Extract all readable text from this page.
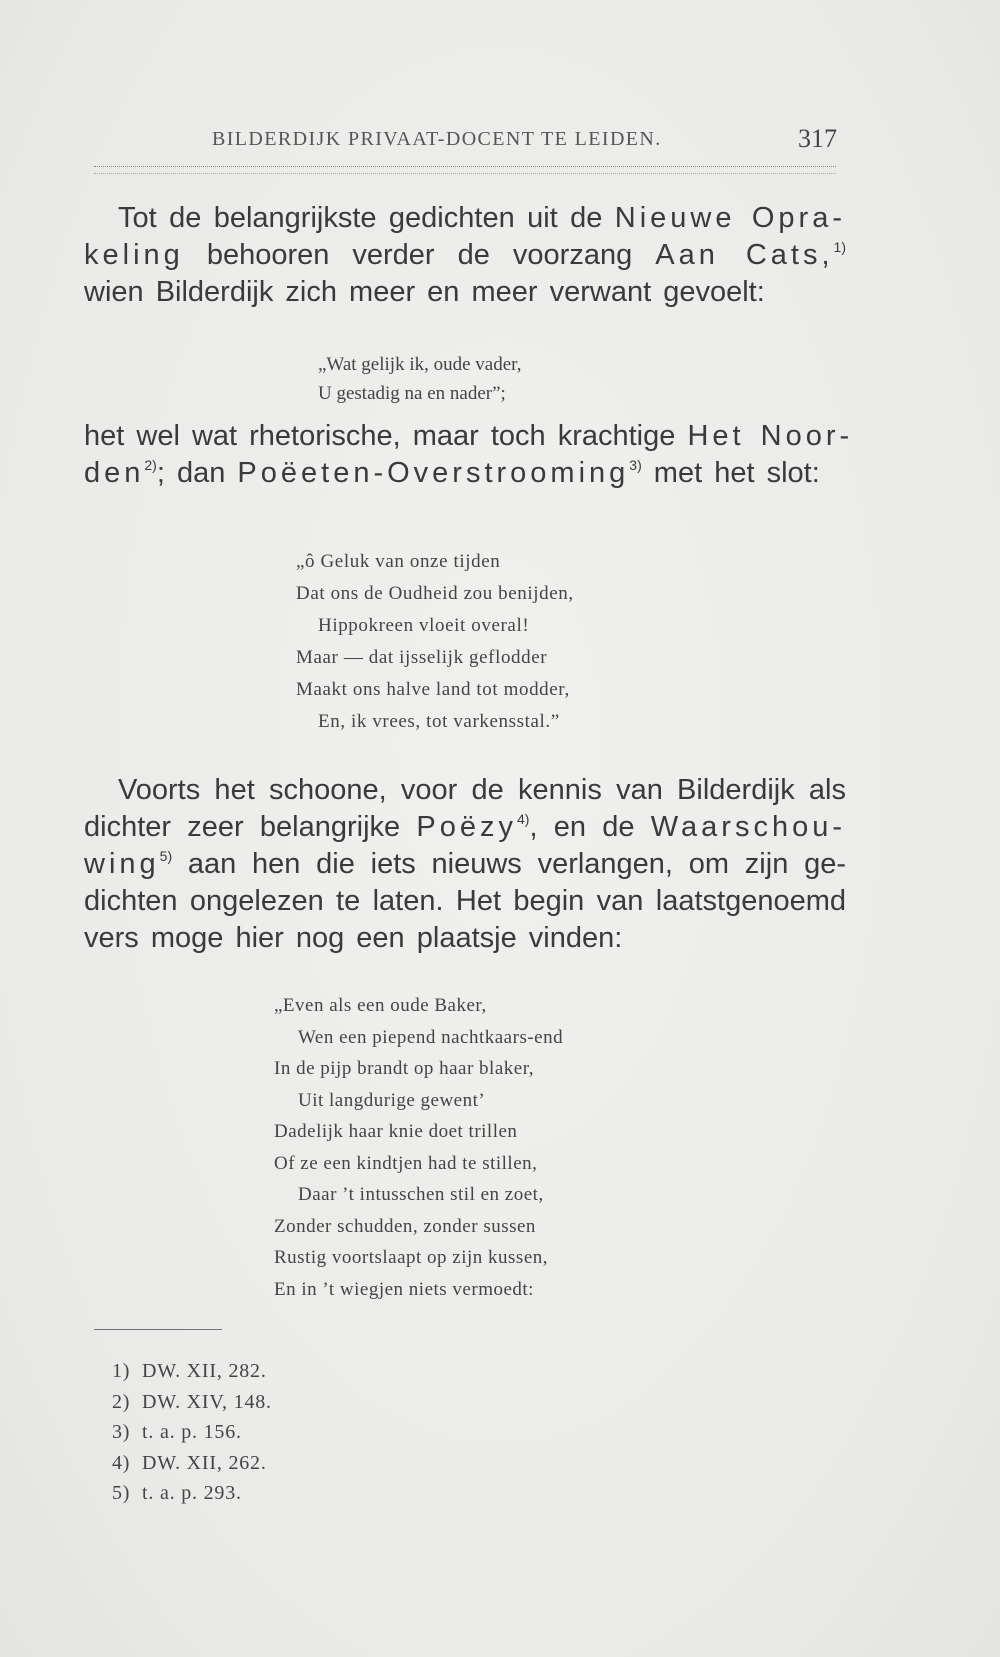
BILDERDIJK PRIVAAT-DOCENT TE LEIDEN.	317
Tot de belangrijkste gedichten uit de Nieuwe Opra-
keling behooren verder de voorzang Aan Cats,$^{1)}$
wien Bilderdijk zich meer en meer verwant gevoelt:
„Wat gelijk ik, oude vader,
U gestadig na en nader”;
het wel wat rhetorische, maar toch krachtige Het Noor-
den$^{2)}$; dan Poëeten-Overstrooming$^{3)}$ met het slot:
„ô Geluk van onze tijden
Dat ons de Oudheid zou benijden,
Hippokreen vloeit overal!
Maar — dat ijsselijk geflodder
Maakt ons halve land tot modder,
En, ik vrees, tot varkensstal.”
Voorts het schoone, voor de kennis van Bilderdijk als
dichter zeer belangrijke Poëzy$^{4)}$, en de Waarschou-
wing$^{5)}$ aan hen die iets nieuws verlangen, om zijn ge-
dichten ongelezen te laten. Het begin van laatstgenoemd
vers moge hier nog een plaatsje vinden:
„Even als een oude Baker,
Wen een piepend nachtkaars-end
In de pijp brandt op haar blaker,
Uit langdurige gewent’
Dadelijk haar knie doet trillen
Of ze een kindtjen had te stillen,
Daar ’t intusschen stil en zoet,
Zonder schudden, zonder sussen
Rustig voortslaapt op zijn kussen,
En in ’t wiegjen niets vermoedt:
1) DW. XII, 282.
2) DW. XIV, 148.
3) t. a. p. 156.
4) DW. XII, 262.
5) t. a. p. 293.
